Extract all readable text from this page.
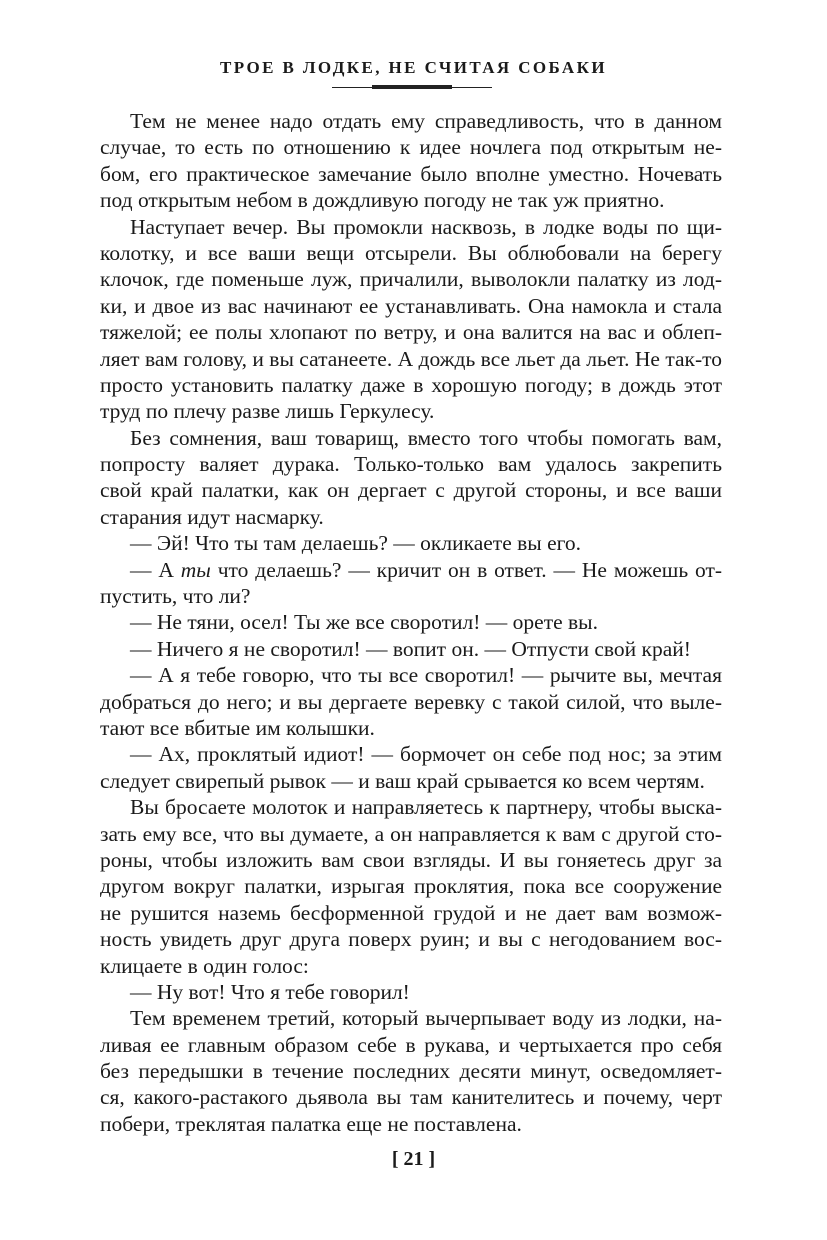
ТРОЕ В ЛОДКЕ, НЕ СЧИТАЯ СОБАКИ
Тем не менее надо отдать ему справедливость, что в данном
случае, то есть по отношению к идее ночлега под открытым не-
бом, его практическое замечание было вполне уместно. Ночевать
под открытым небом в дождливую погоду не так уж приятно.
Наступает вечер. Вы промокли насквозь, в лодке воды по щи-
колотку, и все ваши вещи отсырели. Вы облюбовали на берегу
клочок, где поменьше луж, причалили, выволокли палатку из лод-
ки, и двое из вас начинают ее устанавливать. Она намокла и стала
тяжелой; ее полы хлопают по ветру, и она валится на вас и облеп-
ляет вам голову, и вы сатанеете. А дождь все льет да льет. Не так-то
просто установить палатку даже в хорошую погоду; в дождь этот
труд по плечу разве лишь Геркулесу.
Без сомнения, ваш товарищ, вместо того чтобы помогать вам,
попросту валяет дурака. Только-только вам удалось закрепить
свой край палатки, как он дергает с другой стороны, и все ваши
старания идут насмарку.
— Эй! Что ты там делаешь? — окликаете вы его.
— А ты что делаешь? — кричит он в ответ. — Не можешь от-
пустить, что ли?
— Не тяни, осел! Ты же все своротил! — орете вы.
— Ничего я не своротил! — вопит он. — Отпусти свой край!
— А я тебе говорю, что ты все своротил! — рычите вы, мечтая
добраться до него; и вы дергаете веревку с такой силой, что выле-
тают все вбитые им колышки.
— Ах, проклятый идиот! — бормочет он себе под нос; за этим
следует свирепый рывок — и ваш край срывается ко всем чертям.
Вы бросаете молоток и направляетесь к партнеру, чтобы выска-
зать ему все, что вы думаете, а он направляется к вам с другой сто-
роны, чтобы изложить вам свои взгляды. И вы гоняетесь друг за
другом вокруг палатки, изрыгая проклятия, пока все сооружение
не рушится наземь бесформенной грудой и не дает вам возмож-
ность увидеть друг друга поверх руин; и вы с негодованием вос-
клицаете в один голос:
— Ну вот! Что я тебе говорил!
Тем временем третий, который вычерпывает воду из лодки, на-
ливая ее главным образом себе в рукава, и чертыхается про себя
без передышки в течение последних десяти минут, осведомляет-
ся, какого-растакого дьявола вы там канителитесь и почему, черт
побери, треклятая палатка еще не поставлена.
[ 21 ]
